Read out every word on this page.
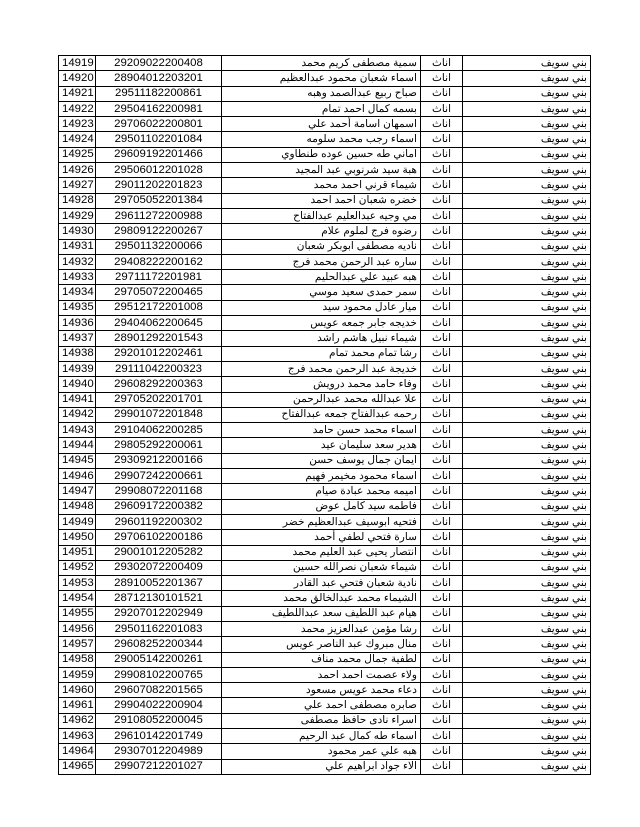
14919	29209022200408	سمية مصطفى كريم محمد	اناث	بني سويف
14920	28904012203201	اسماء شعبان محمود عبدالعظيم	اناث	بني سويف
14921	29511182200861	صباح ربيع عبدالصمد وهبه	اناث	بني سويف
14922	29504162200981	بسمه كمال احمد تمام	اناث	بني سويف
14923	29706022200801	اسمهان اسامة أحمد علي	اناث	بني سويف
14924	29501102201084	اسماء رجب محمد سلومه	اناث	بني سويف
14925	29609192201466	اماني طه حسين عوده طنطاوي	اناث	بني سويف
14926	29506012201028	هبة سيد شرنوبي عبد المجيد	اناث	بني سويف
14927	29011202201823	شيماء قرني احمد محمد	اناث	بني سويف
14928	29705052201384	خضره شعبان احمد احمد	اناث	بني سويف
14929	29611272200988	مي وجيه عبدالعليم عبدالفتاح	اناث	بني سويف
14930	29809122200267	رضوه فرج لملوم علام	اناث	بني سويف
14931	29501132200066	ناديه مصطفى ابوبكر شعبان	اناث	بني سويف
14932	29408222200162	ساره عبد الرحمن محمد فرج	اناث	بني سويف
14933	29711172201981	هبه عبيد علي عبدالحليم	اناث	بني سويف
14934	29705072200465	سمر حمدى سعيد موسي	اناث	بني سويف
14935	29512172201008	ميار عادل محمود سيد	اناث	بني سويف
14936	29404062200645	خديجه جابر جمعه عويس	اناث	بني سويف
14937	28901292201543	شيماء نبيل هاشم راشد	اناث	بني سويف
14938	29201012202461	رشا تمام محمد تمام	اناث	بني سويف
14939	29111042200323	خديجة عبد الرحمن محمد فرج	اناث	بني سويف
14940	29608292200363	وفاء حامد محمد درويش	اناث	بني سويف
14941	29705202201701	علا عبدالله محمد عبدالرحمن	اناث	بني سويف
14942	29901072201848	رحمه عبدالفتاح جمعه عبدالفتاح	اناث	بني سويف
14943	29104062200285	اسماء محمد حسن حامد	اناث	بني سويف
14944	29805292200061	هدير سعد سليمان عيد	اناث	بني سويف
14945	29309212200166	ايمان جمال يوسف حسن	اناث	بني سويف
14946	29907242200661	اسماء محمود مخيمر فهيم	اناث	بني سويف
14947	29908072201168	اميمه محمد عبادة صيام	اناث	بني سويف
14948	29609172200382	فاطمه سيد كامل عوض	اناث	بني سويف
14949	29601192200302	فتحيه ابوسيف عبدالعظيم خضر	اناث	بني سويف
14950	29706102200186	سارة فتحي لطفي أحمد	اناث	بني سويف
14951	29001012205282	انتصار يحيى عبد العليم محمد	اناث	بني سويف
14952	29302072200409	شيماء شعبان نصرالله حسين	اناث	بني سويف
14953	28910052201367	نادية شعبان فتحي عبد القادر	اناث	بني سويف
14954	28712130101521	الشيماء محمد عبدالخالق محمد	اناث	بني سويف
14955	29207012202949	هيام عبد اللطيف سعد عبداللطيف	اناث	بني سويف
14956	29501162201083	رشا مؤمن عبدالعزيز محمد	اناث	بني سويف
14957	29608252200344	منال مبروك عبد الناصر عويس	اناث	بني سويف
14958	29005142200261	لطفية جمال محمد مناف	اناث	بني سويف
14959	29908102200765	ولاء عصمت احمد احمد	اناث	بني سويف
14960	29607082201565	دعاء محمد عويس مسعود	اناث	بني سويف
14961	29904022200904	صابره مصطفى احمد علي	اناث	بني سويف
14962	29108052200045	اسراء نادى حافظ مصطفى	اناث	بني سويف
14963	29610142201749	اسماء طه كمال عبد الرحيم	اناث	بني سويف
14964	29307012204989	هبه علي عمر محمود	اناث	بني سويف
14965	29907212201027	الاء جواد ابراهيم علي	اناث	بني سويف
